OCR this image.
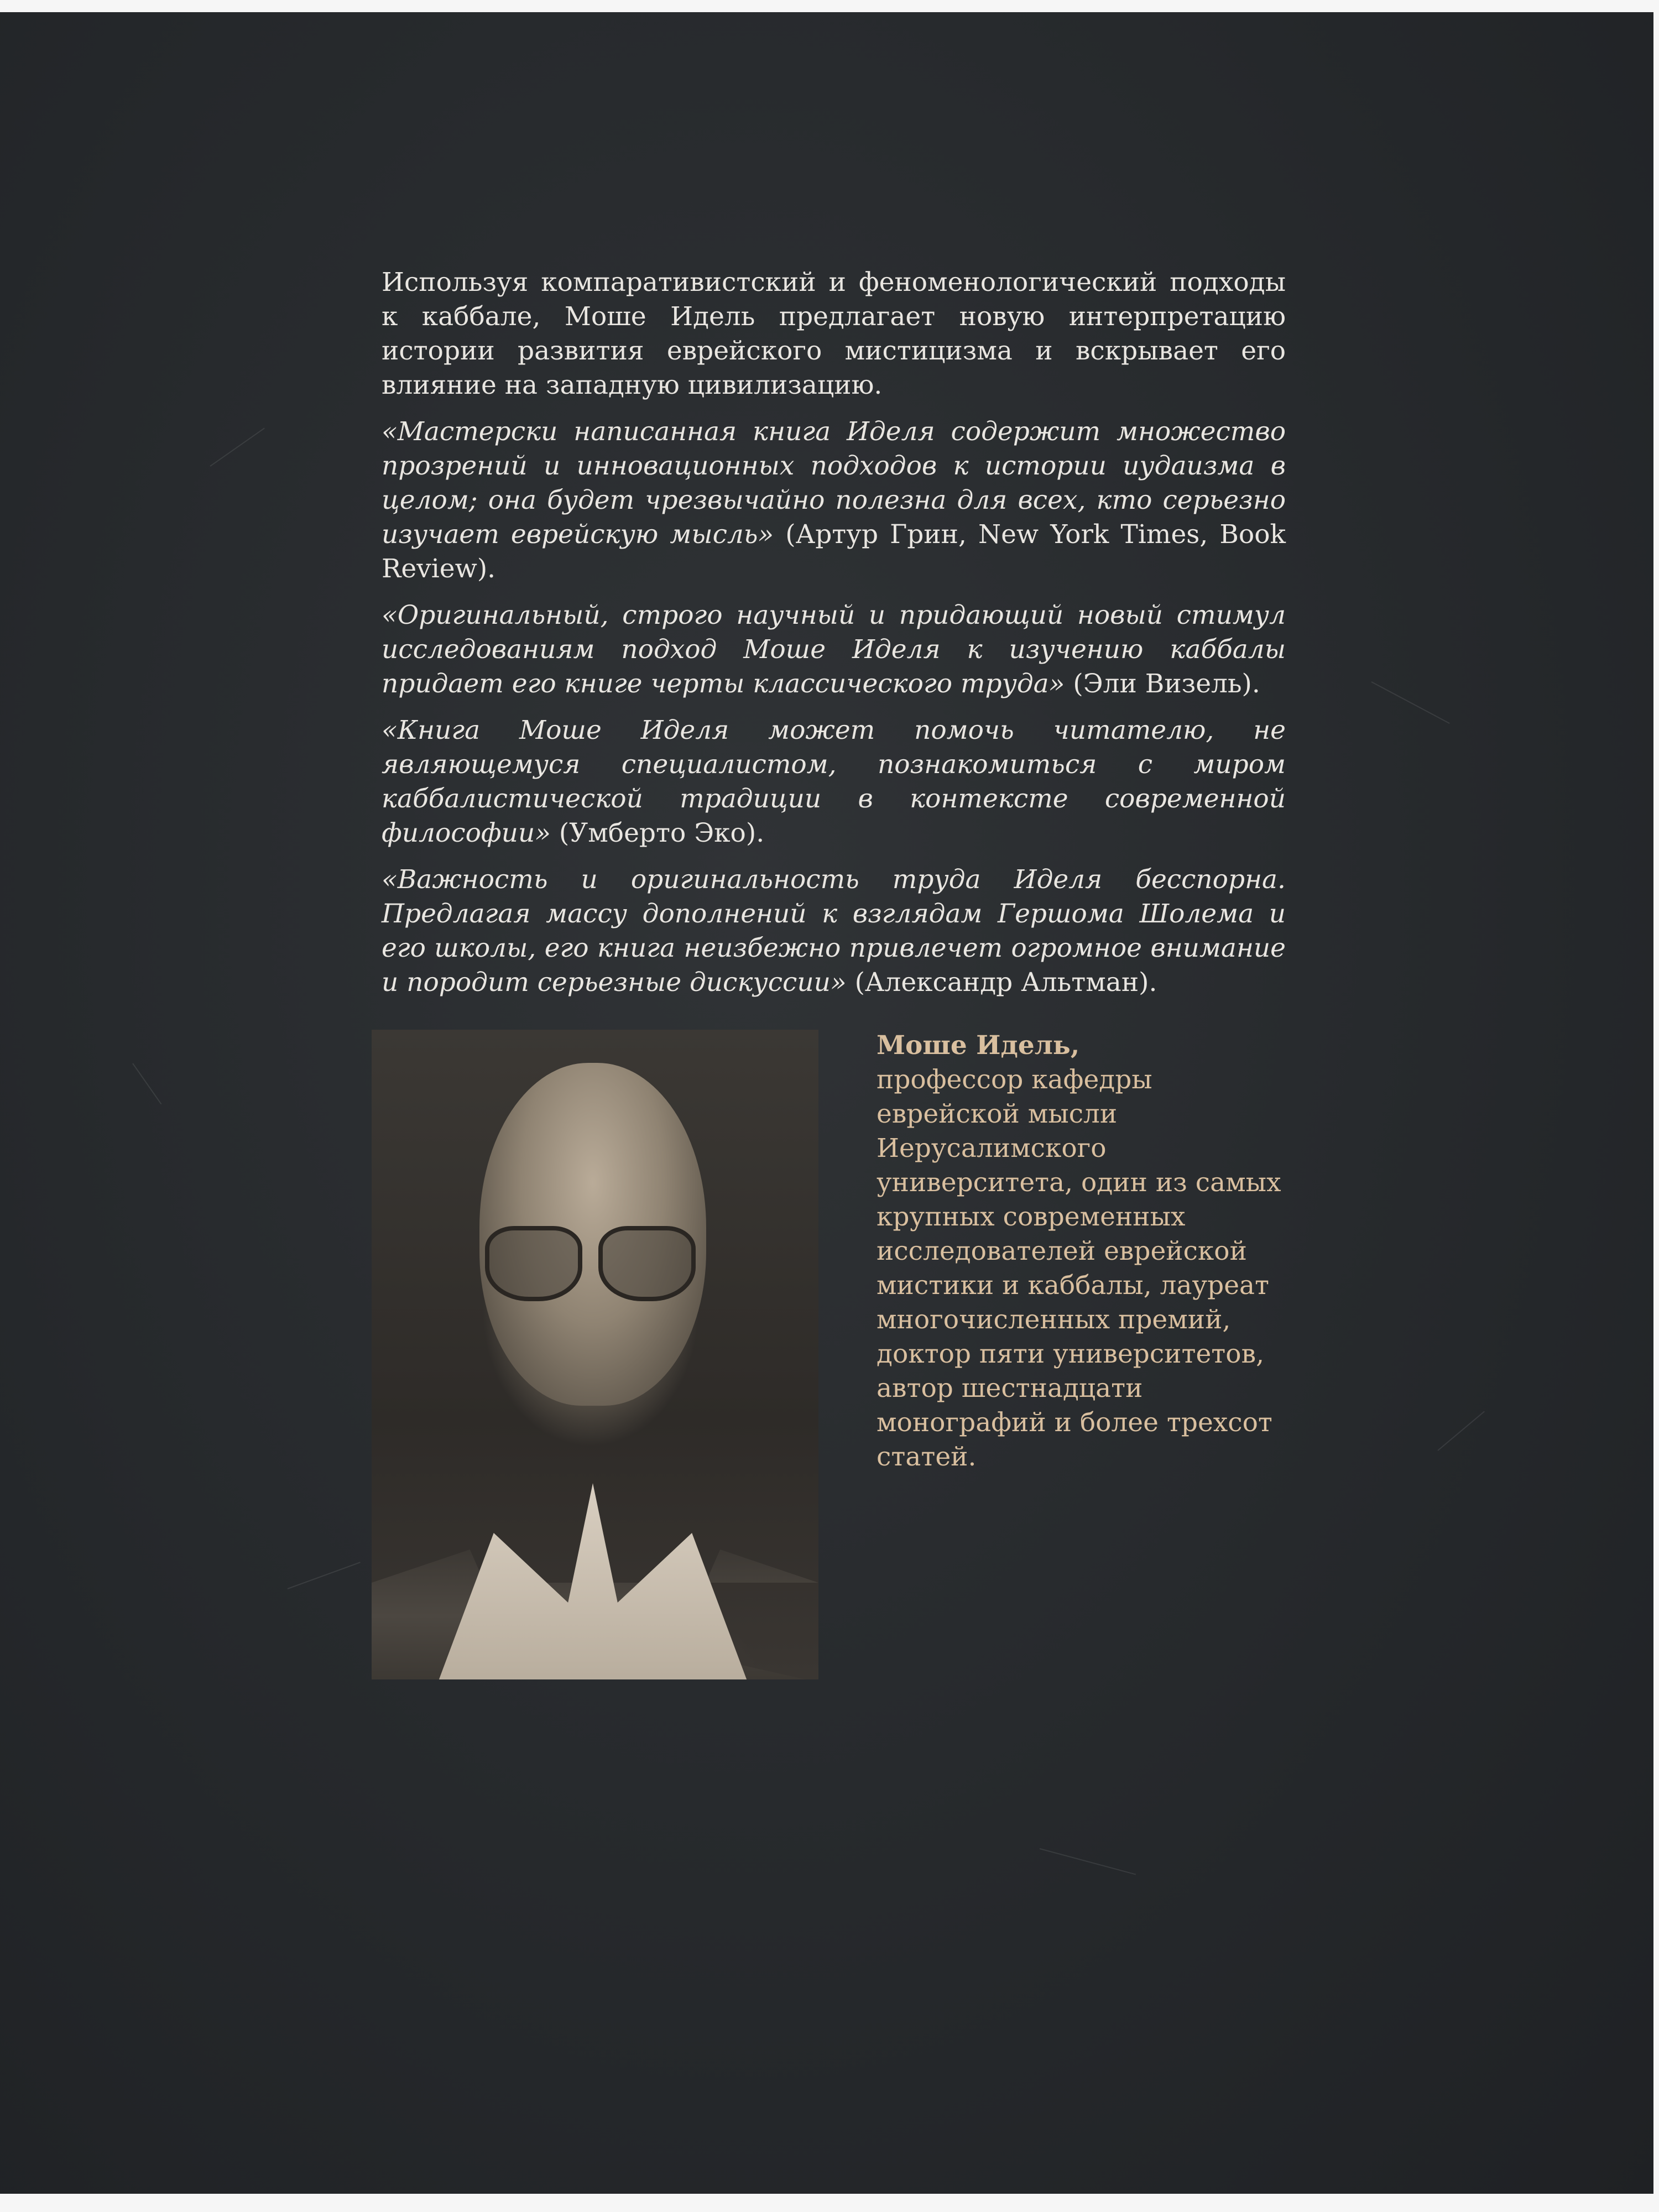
Используя компаративистский и феноменологический подходы к каббале, Моше Идель предлагает новую интерпретацию истории развития еврейского мистицизма и вскрывает его влияние на западную цивилизацию.

«Мастерски написанная книга Иделя содержит множество прозрений и инновационных подходов к истории иудаизма в целом; она будет чрезвычайно полезна для всех, кто серьезно изучает еврейскую мысль» (Артур Грин, New York Times, Book Review).

«Оригинальный, строго научный и придающий новый стимул исследованиям подход Моше Иделя к изучению каббалы придает его книге черты классического труда» (Эли Визель).

«Книга Моше Иделя может помочь читателю, не являющемуся специалистом, познакомиться с миром каббалистической традиции в контексте современной философии» (Умберто Эко).

«Важность и оригинальность труда Иделя бесспорна. Предлагая массу дополнений к взглядам Гершома Шолема и его школы, его книга неизбежно привлечет огромное внимание и породит серьезные дискуссии» (Александр Альтман).

Моше Идель,
профессор кафедры еврейской мысли Иерусалимского университета, один из самых крупных современных исследователей еврейской мистики и каббалы, лауреат многочисленных премий, доктор пяти университетов, автор шестнадцати монографий и более трехсот статей.
